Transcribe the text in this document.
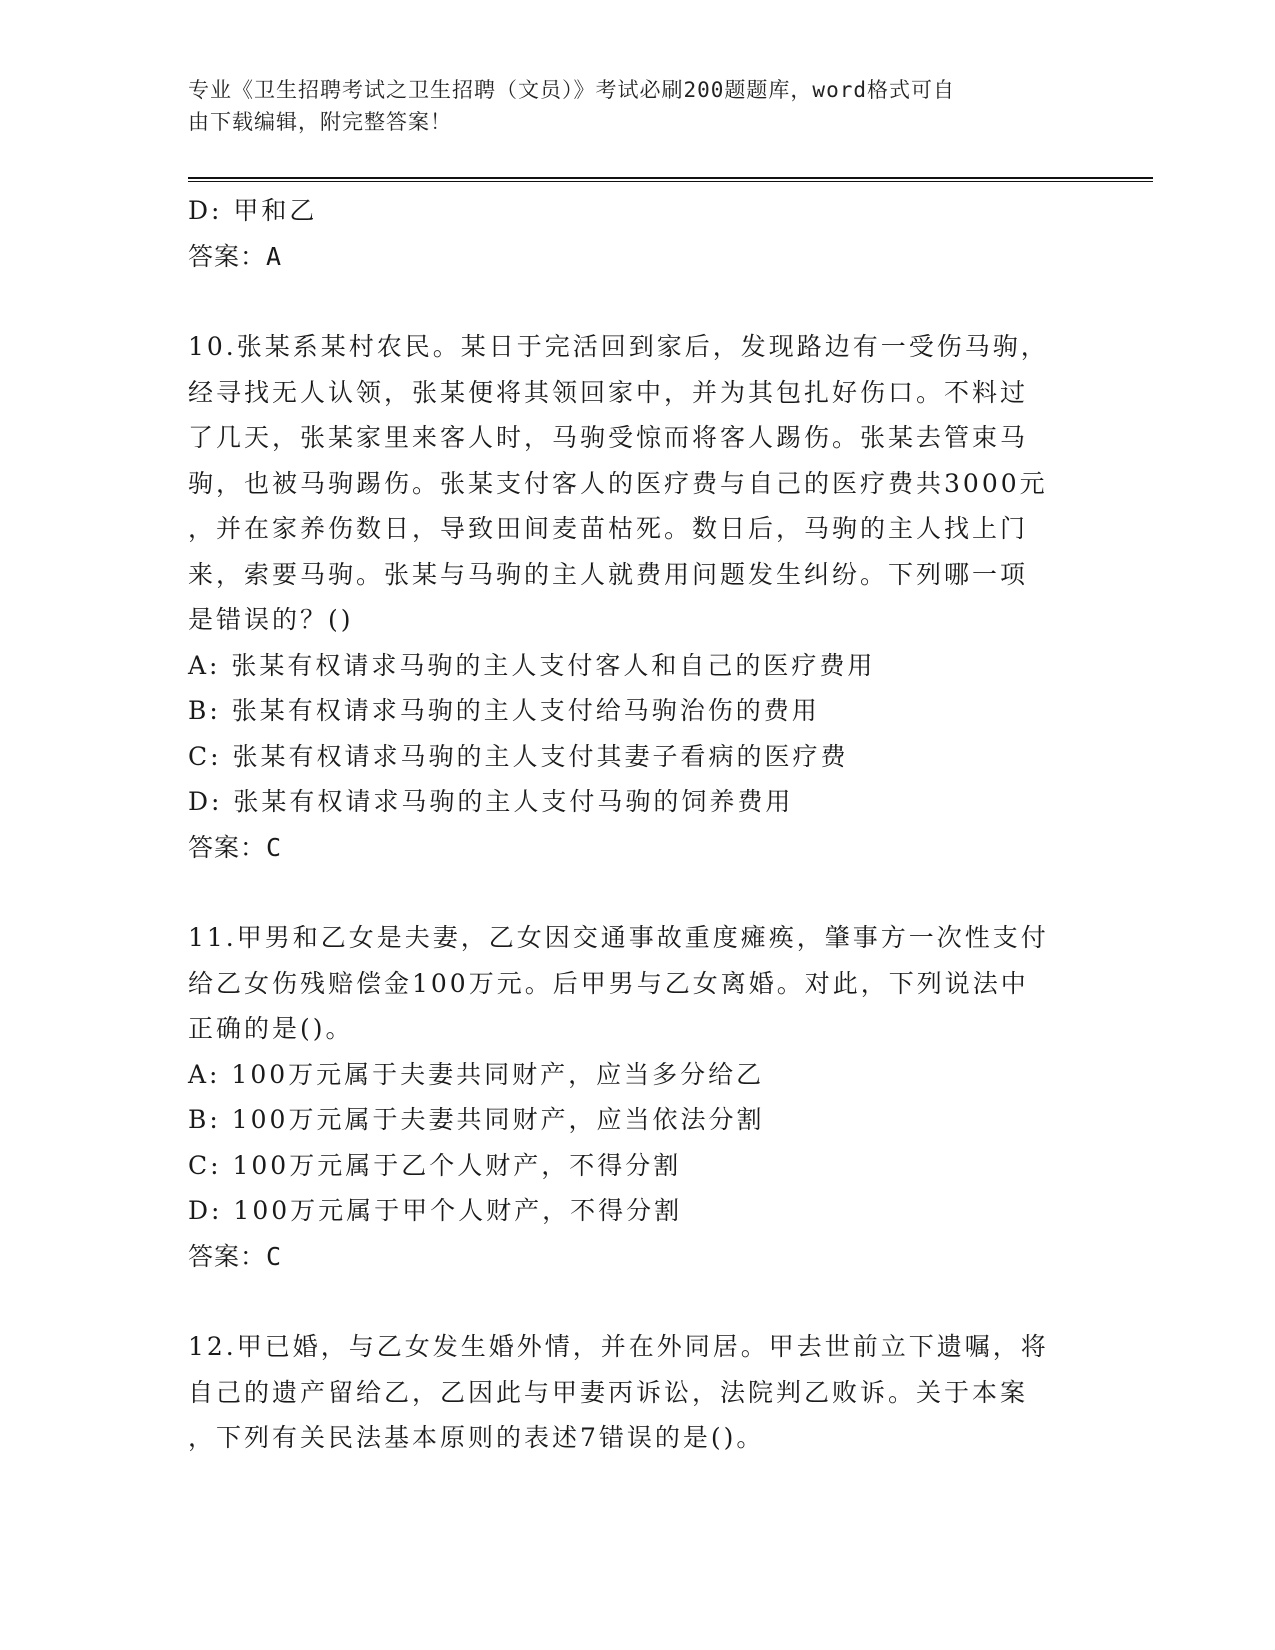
专业《卫生招聘考试之卫生招聘（文员）》考试必刷200题题库，word格式可自
由下载编辑，附完整答案！
D: 甲和乙
答案：A
10.张某系某村农民。某日于完活回到家后，发现路边有一受伤马驹，
经寻找无人认领，张某便将其领回家中，并为其包扎好伤口。不料过
了几天，张某家里来客人时，马驹受惊而将客人踢伤。张某去管束马
驹，也被马驹踢伤。张某支付客人的医疗费与自己的医疗费共3000元
，并在家养伤数日，导致田间麦苗枯死。数日后，马驹的主人找上门
来，索要马驹。张某与马驹的主人就费用问题发生纠纷。下列哪一项
是错误的？()
A: 张某有权请求马驹的主人支付客人和自己的医疗费用
B: 张某有权请求马驹的主人支付给马驹治伤的费用
C: 张某有权请求马驹的主人支付其妻子看病的医疗费
D: 张某有权请求马驹的主人支付马驹的饲养费用
答案：C
11.甲男和乙女是夫妻，乙女因交通事故重度瘫痪，肇事方一次性支付
给乙女伤残赔偿金100万元。后甲男与乙女离婚。对此，下列说法中
正确的是()。
A: 100万元属于夫妻共同财产，应当多分给乙
B: 100万元属于夫妻共同财产，应当依法分割
C: 100万元属于乙个人财产，不得分割
D: 100万元属于甲个人财产，不得分割
答案：C
12.甲已婚，与乙女发生婚外情，并在外同居。甲去世前立下遗嘱，将
自己的遗产留给乙，乙因此与甲妻丙诉讼，法院判乙败诉。关于本案
，下列有关民法基本原则的表述7错误的是()。
